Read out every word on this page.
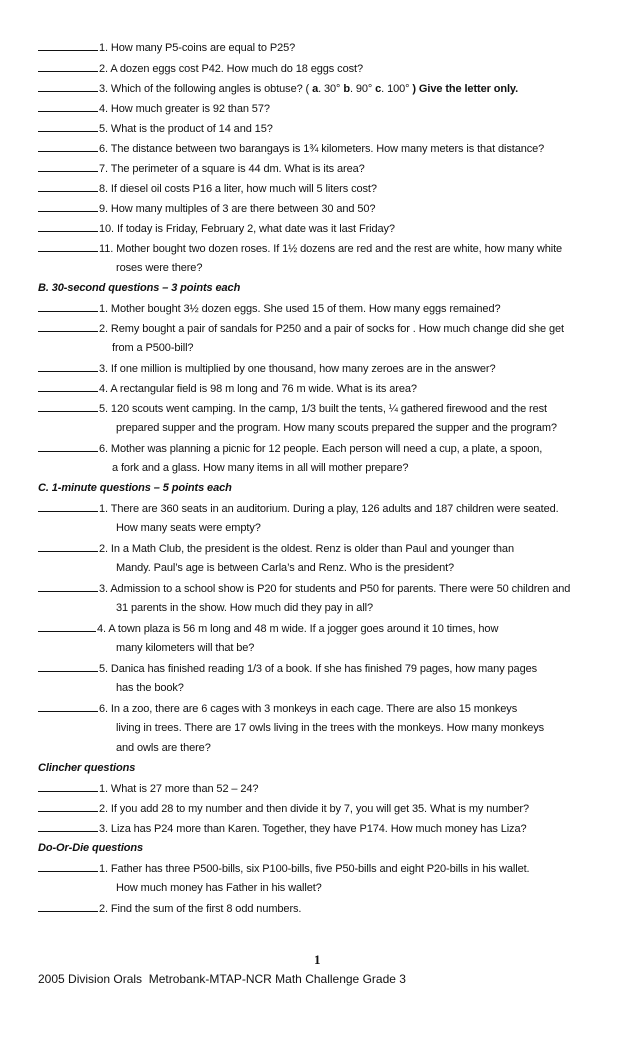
1. How many P5-coins are equal to P25?
2. A dozen eggs cost P42. How much do 18 eggs cost?
3. Which of the following angles is obtuse? ( a. 30° b. 90° c. 100° ) Give the letter only.
4. How much greater is 92 than 57?
5. What is the product of 14 and 15?
6. The distance between two barangays is 1¾ kilometers. How many meters is that distance?
7. The perimeter of a square is 44 dm. What is its area?
8. If diesel oil costs P16 a liter, how much will 5 liters cost?
9. How many multiples of 3 are there between 30 and 50?
10. If today is Friday, February 2, what date was it last Friday?
11. Mother bought two dozen roses. If 1½ dozens are red and the rest are white, how many white
roses were there?
B. 30-second questions – 3 points each
1. Mother bought 3½ dozen eggs. She used 15 of them. How many eggs remained?
2. Remy bought a pair of sandals for P250 and a pair of socks for . How much change did she get
from a P500-bill?
3. If one million is multiplied by one thousand, how many zeroes are in the answer?
4. A rectangular field is 98 m long and 76 m wide. What is its area?
5. 120 scouts went camping. In the camp, 1/3 built the tents, ¼ gathered firewood and the rest
prepared supper and the program. How many scouts prepared the supper and the program?
6. Mother was planning a picnic for 12 people. Each person will need a cup, a plate, a spoon,
a fork and a glass. How many items in all will mother prepare?
C. 1-minute questions – 5 points each
1. There are 360 seats in an auditorium. During a play, 126 adults and 187 children were seated.
How many seats were empty?
2. In a Math Club, the president is the oldest. Renz is older than Paul and younger than
Mandy. Paul’s age is between Carla’s and Renz. Who is the president?
3. Admission to a school show is P20 for students and P50 for parents. There were 50 children and
31 parents in the show. How much did they pay in all?
4. A town plaza is 56 m long and 48 m wide. If a jogger goes around it 10 times, how
many kilometers will that be?
5. Danica has finished reading 1/3 of a book. If she has finished 79 pages, how many pages
has the book?
6. In a zoo, there are 6 cages with 3 monkeys in each cage. There are also 15 monkeys
living in trees. There are 17 owls living in the trees with the monkeys. How many monkeys
and owls are there?
Clincher questions
1. What is 27 more than 52 – 24?
2. If you add 28 to my number and then divide it by 7, you will get 35. What is my number?
3. Liza has P24 more than Karen. Together, they have P174. How much money has Liza?
Do-Or-Die questions
1. Father has three P500-bills, six P100-bills, five P50-bills and eight P20-bills in his wallet.
How much money has Father in his wallet?
2. Find the sum of the first 8 odd numbers.
1
2005 Division Orals Metrobank-MTAP-NCR Math Challenge Grade 3
